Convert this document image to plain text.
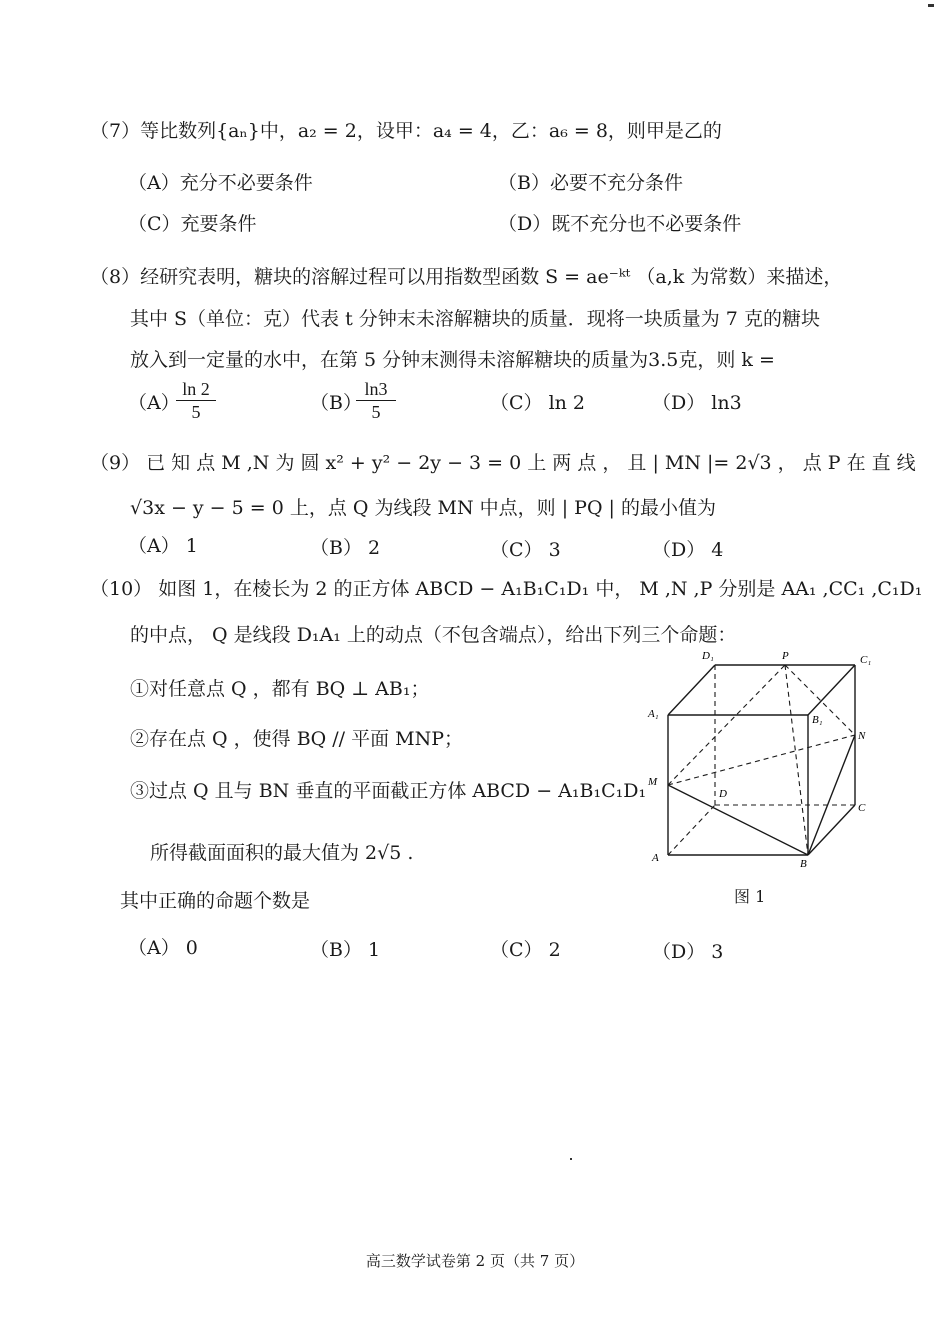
（7）等比数列{aₙ}中，a₂ = 2，设甲：a₄ = 4，乙：a₆ = 8，则甲是乙的
（A）充分不必要条件	（B）必要不充分条件
（C）充要条件	（D）既不充分也不必要条件
（8）经研究表明，糖块的溶解过程可以用指数型函数 S = ae⁻ᵏᵗ （a,k 为常数）来描述，
其中 S（单位：克）代表 t 分钟末未溶解糖块的质量．现将一块质量为 7 克的糖块
放入到一定量的水中，在第 5 分钟末测得未溶解糖块的质量为3.5克，则 k =
（A）
$\frac{\ln 2}{5}$	（B）
$\frac{\ln 3}{5}$	（C） ln 2	（D） ln3
（9） 已 知 点 M ,N 为 圆 x² + y² − 2y − 3 = 0 上 两 点 ， 且 | MN |= 2√3 ， 点 P 在 直 线
√3x − y − 5 = 0 上，点 Q 为线段 MN 中点，则 | PQ | 的最小值为
（A） 1	（B） 2	（C） 3	（D） 4
（10） 如图 1，在棱长为 2 的正方体 ABCD − A₁B₁C₁D₁ 中， M ,N ,P 分别是 AA₁ ,CC₁ ,C₁D₁
的中点， Q 是线段 D₁A₁ 上的动点（不包含端点），给出下列三个命题：
①对任意点 Q ，都有 BQ ⊥ AB₁；
②存在点 Q ，使得 BQ // 平面 MNP；
③过点 Q 且与 BN 垂直的平面截正方体 ABCD − A₁B₁C₁D₁
所得截面面积的最大值为 2√5 .
其中正确的命题个数是
（A） 0	（B） 1	（C） 2	（D） 3
D₁	P	C₁
A₁	B₁
N
M
D
C
A	B
图 1
高三数学试卷第 2 页（共 7 页）
